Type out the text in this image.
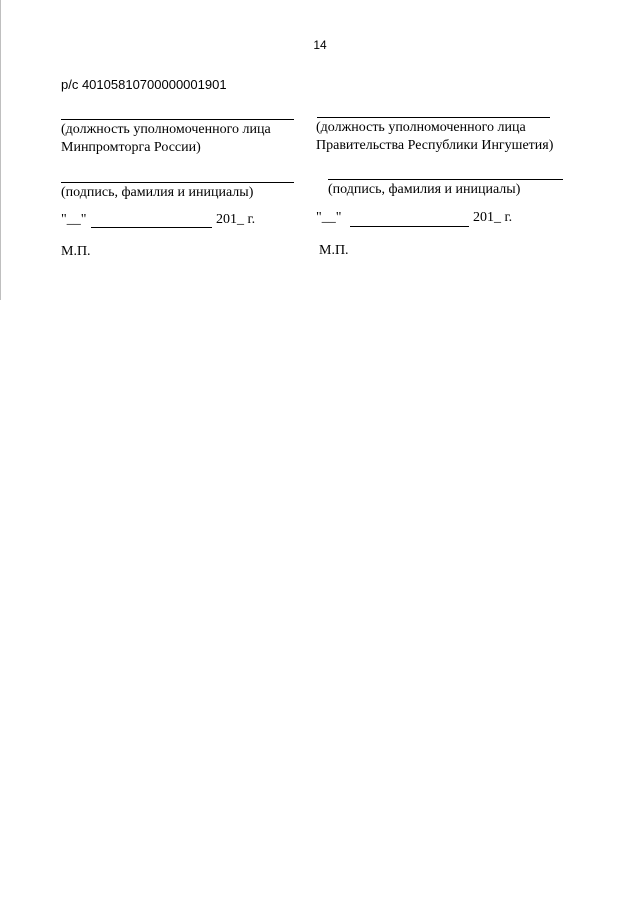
14
р/с 40105810700000001901
(должность уполномоченного лица
Минпромторга России)
(подпись, фамилия и инициалы)
"__"	201_ г.
М.П.
(должность уполномоченного лица
Правительства Республики Ингушетия)
(подпись, фамилия и инициалы)
"__"	201_ г.
М.П.
